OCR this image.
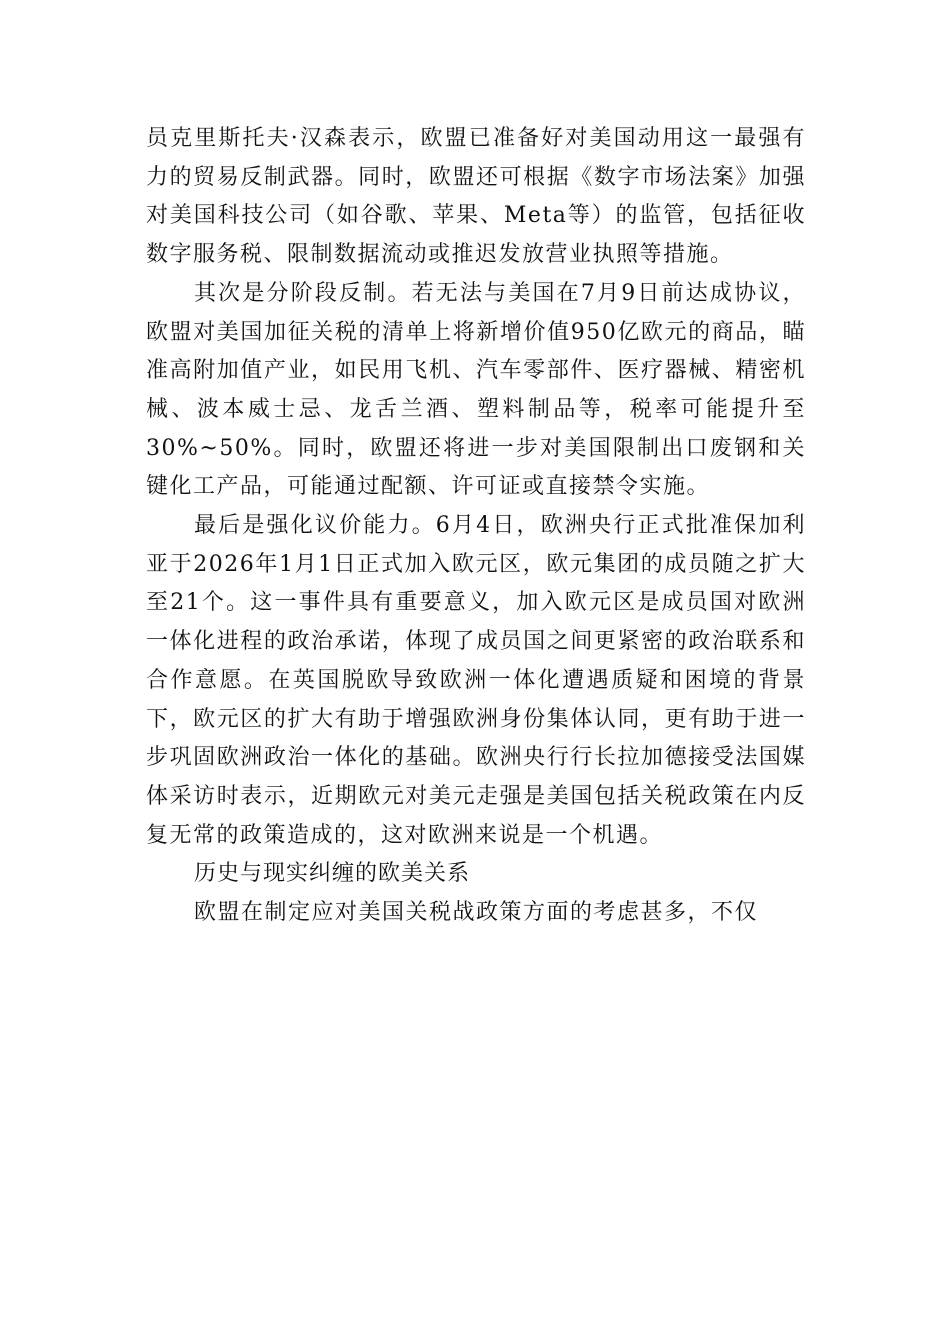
员克里斯托夫·汉森表示，欧盟已准备好对美国动用这一最强有力的贸易反制武器。同时，欧盟还可根据《数字市场法案》加强对美国科技公司（如谷歌、苹果、Meta等）的监管，包括征收数字服务税、限制数据流动或推迟发放营业执照等措施。

其次是分阶段反制。若无法与美国在7月9日前达成协议，欧盟对美国加征关税的清单上将新增价值950亿欧元的商品，瞄准高附加值产业，如民用飞机、汽车零部件、医疗器械、精密机械、波本威士忌、龙舌兰酒、塑料制品等，税率可能提升至30%~50%。同时，欧盟还将进一步对美国限制出口废钢和关键化工产品，可能通过配额、许可证或直接禁令实施。

最后是强化议价能力。6月4日，欧洲央行正式批准保加利亚于2026年1月1日正式加入欧元区，欧元集团的成员随之扩大至21个。这一事件具有重要意义，加入欧元区是成员国对欧洲一体化进程的政治承诺，体现了成员国之间更紧密的政治联系和合作意愿。在英国脱欧导致欧洲一体化遭遇质疑和困境的背景下，欧元区的扩大有助于增强欧洲身份集体认同，更有助于进一步巩固欧洲政治一体化的基础。欧洲央行行长拉加德接受法国媒体采访时表示，近期欧元对美元走强是美国包括关税政策在内反复无常的政策造成的，这对欧洲来说是一个机遇。

历史与现实纠缠的欧美关系

欧盟在制定应对美国关税战政策方面的考虑甚多，不仅
